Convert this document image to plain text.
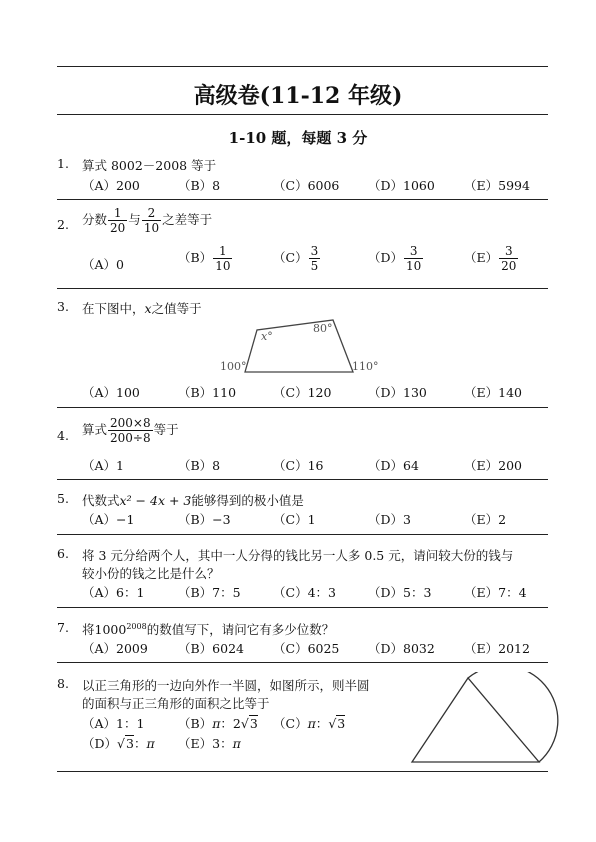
高级卷(11-12 年级)
1-10 题，每题 3 分
1. 算式 8002－2008 等于
（A）200	（B）8	（C）6006 （D）1060 （E）5994
2. 分数 $\frac{1}{20}$ 与 $\frac{2}{10}$ 之差等于
（A）0	$(B) \frac{1}{10}$	$(C) \frac{3}{5}$	$(D) \frac{3}{10}$	$(E) \frac{3}{20}$
3. 在下图中，x之值等于
x°
80°
100°	110°
（A）100	（B）110	（C）120	（D）130	（E）140
4. 算式 $\frac{200\times 8}{200\div 8}$ 等于
（A）1	（B）8	（C）16	（D）64	（E）200
5. 代数式x² − 4x + 3能够得到的极小值是
（A）−1	（B）−3	（C）1	（D）3	（E）2
6. 将 3 元分给两个人，其中一人分得的钱比另一人多 0.5 元，请问较大份的钱与
较小份的钱之比是什么？
（A）6：1	（B）7：5	（C）4：3	（D）5：3	（E）7：4
7. 将$1000^{2008}$的数值写下，请问它有多少位数？
（A）2009 （B）6024 （C）6025 （D）8032 （E）2012
8. 以正三角形的一边向外作一半圆，如图所示，则半圆
的面积与正三角形的面积之比等于
（A）1：1	（B）π：2√3 （C）π：√3
（D）√3：π （E）3：π
